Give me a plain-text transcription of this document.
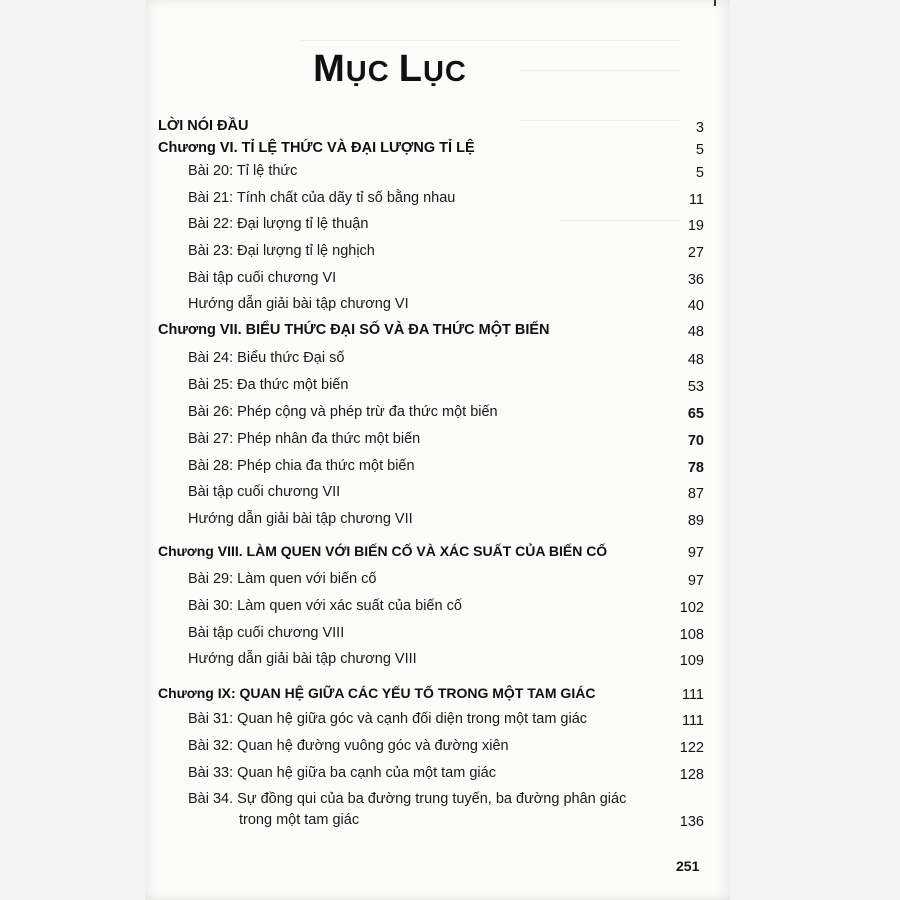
MỤC LỤC
LỜI NÓI ĐẦU	3
Chương VI. TỈ LỆ THỨC VÀ ĐẠI LƯỢNG TỈ LỆ	5
Bài 20: Tỉ lệ thức	5
Bài 21: Tính chất của dãy tỉ số bằng nhau	11
Bài 22: Đại lượng tỉ lệ thuận	19
Bài 23: Đại lượng tỉ lệ nghịch	27
Bài tập cuối chương VI	36
Hướng dẫn giải bài tập chương VI	40
Chương VII. BIỂU THỨC ĐẠI SỐ VÀ ĐA THỨC MỘT BIẾN	48
Bài 24: Biểu thức Đại số	48
Bài 25: Đa thức một biến	53
Bài 26: Phép cộng và phép trừ đa thức một biến	65
Bài 27: Phép nhân đa thức một biến	70
Bài 28: Phép chia đa thức một biến	78
Bài tập cuối chương VII	87
Hướng dẫn giải bài tập chương VII	89
Chương VIII. LÀM QUEN VỚI BIẾN CỐ VÀ XÁC SUẤT CỦA BIẾN CỐ	97
Bài 29: Làm quen với biến cố	97
Bài 30: Làm quen với xác suất của biến cố	102
Bài tập cuối chương VIII	108
Hướng dẫn giải bài tập chương VIII	109
Chương IX: QUAN HỆ GIỮA CÁC YẾU TỐ TRONG MỘT TAM GIÁC	111
Bài 31: Quan hệ giữa góc và cạnh đối diện trong một tam giác	111
Bài 32: Quan hệ đường vuông góc và đường xiên	122
Bài 33: Quan hệ giữa ba cạnh của một tam giác	128
Bài 34. Sự đồng qui của ba đường trung tuyến, ba đường phân giác
trong một tam giác	136
251
